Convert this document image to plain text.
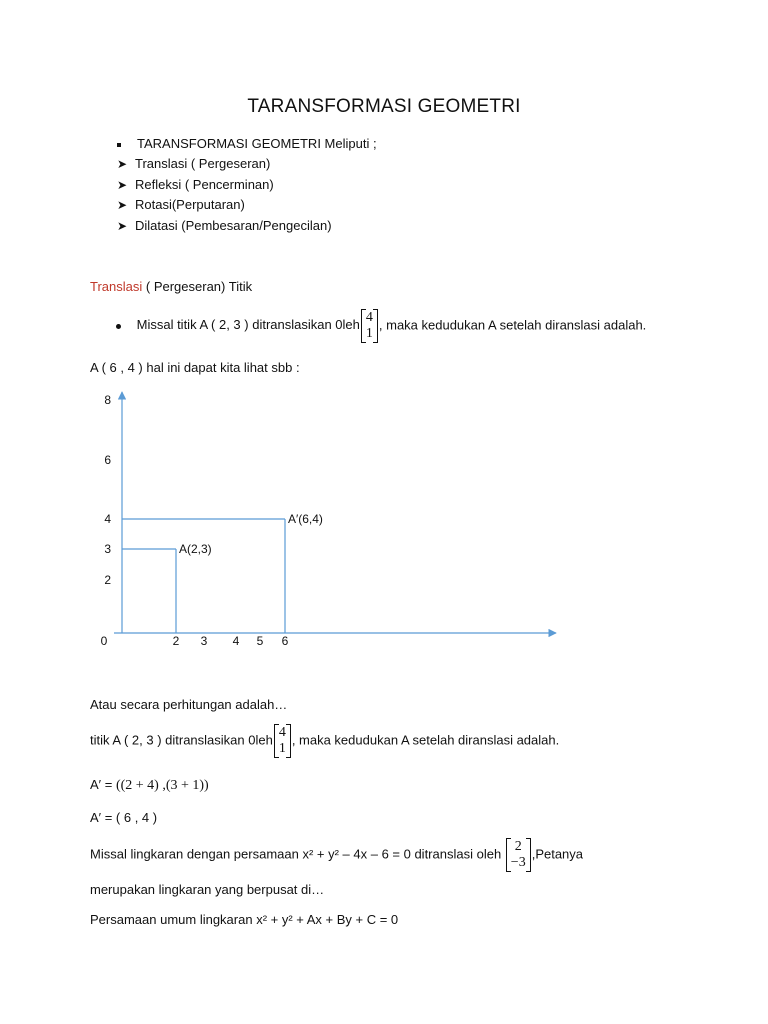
TARANSFORMASI GEOMETRI
TARANSFORMASI GEOMETRI Meliputi ;
➤ Translasi ( Pergeseran)
➤ Refleksi ( Pencerminan)
➤ Rotasi(Perputaran)
➤ Dilatasi (Pembesaran/Pengecilan)
Translasi ( Pergeseran) Titik
Missal titik A ( 2, 3 ) ditranslasikan 0leh 4
1
, maka kedudukan A setelah diranslasi adalah.
A ( 6 , 4 ) hal ini dapat kita lihat sbb :
0	2 3 4 5 6
8
6
4
3
2
A(2,3)
A′(6,4)
Atau secara perhitungan adalah…
titik A ( 2, 3 ) ditranslasikan 0leh 4
1
, maka kedudukan A setelah diranslasi adalah.
A′ = ((2 + 4) ,(3 + 1))
A′ = ( 6 , 4 )
Missal lingkaran dengan persamaan x² + y² – 4x – 6 = 0 ditranslasi oleh 2
−3
,Petanya
merupakan lingkaran yang berpusat di…
Persamaan umum lingkaran x² + y² + Ax + By + C = 0
